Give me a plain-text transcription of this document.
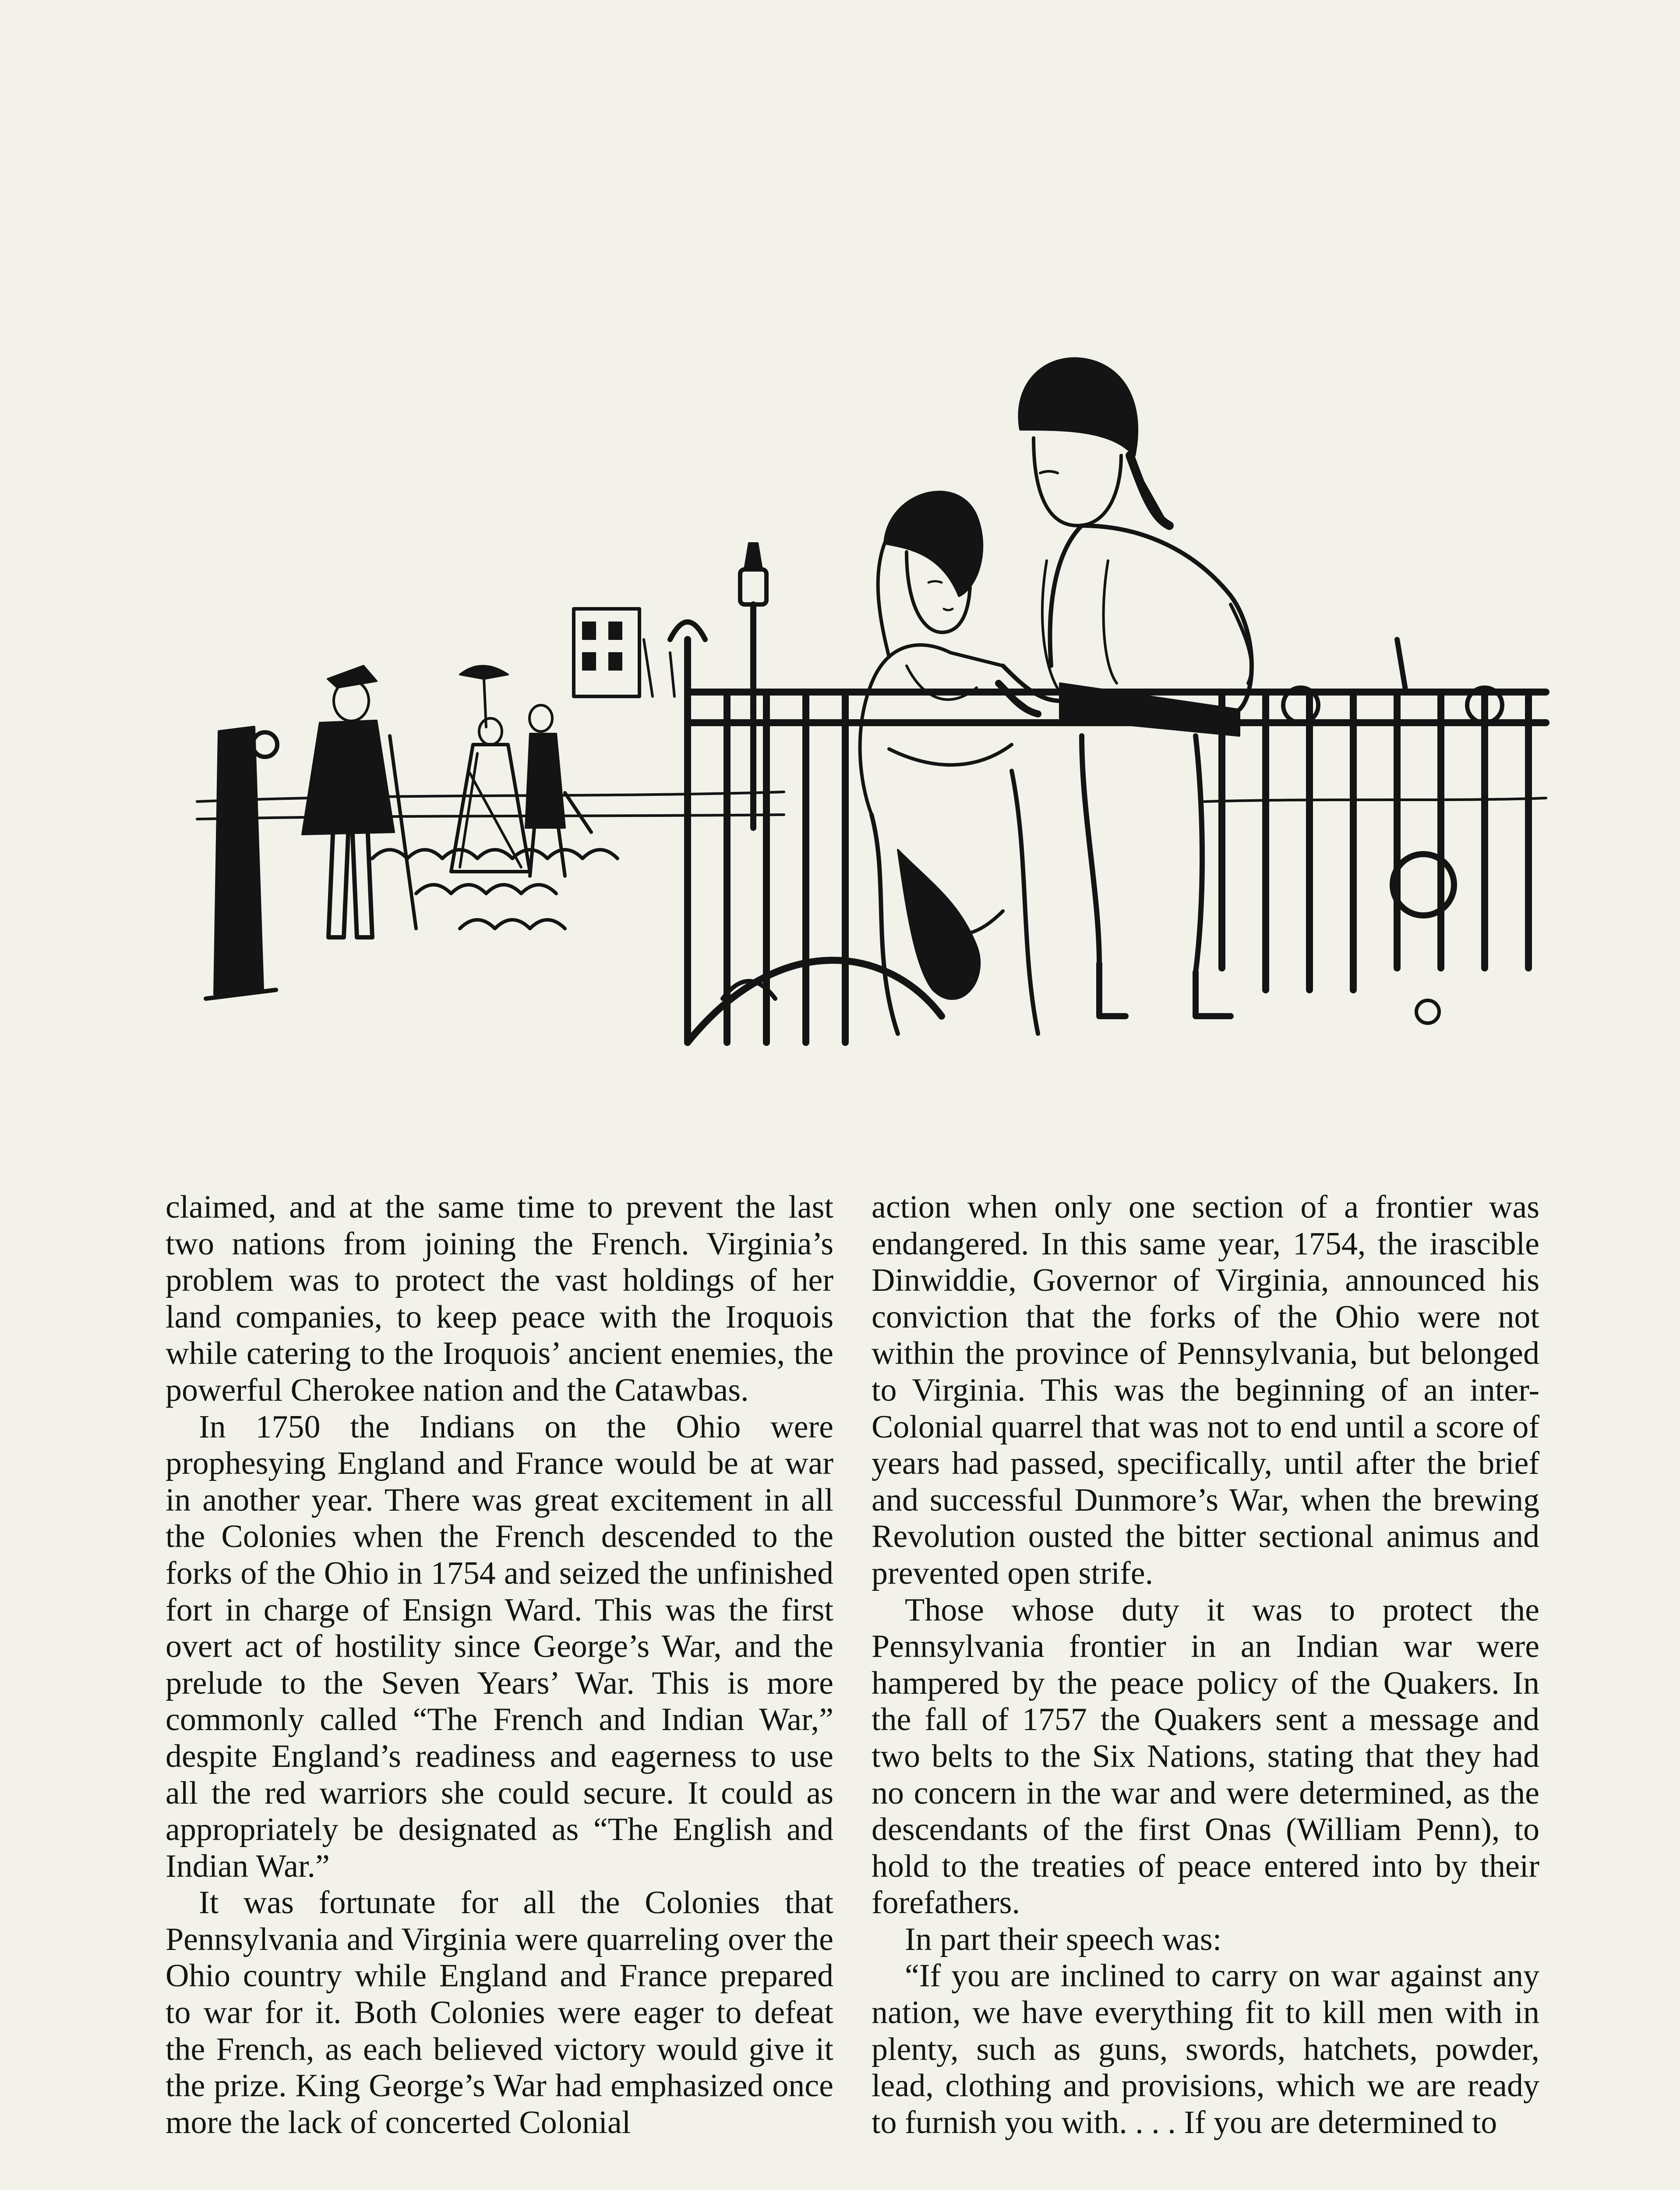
claimed, and at the same time to prevent the last two nations from joining the French. Virginia’s problem was to protect the vast holdings of her land companies, to keep peace with the Iroquois while catering to the Iroquois’ ancient enemies, the powerful Cherokee nation and the Catawbas.

In 1750 the Indians on the Ohio were prophesying England and France would be at war in another year. There was great excitement in all the Colonies when the French descended to the forks of the Ohio in 1754 and seized the unfinished fort in charge of Ensign Ward. This was the first overt act of hostility since George’s War, and the prelude to the Seven Years’ War. This is more commonly called “The French and Indian War,” despite England’s readiness and eagerness to use all the red warriors she could secure. It could as appropriately be designated as “The English and Indian War.”

It was fortunate for all the Colonies that Pennsylvania and Virginia were quarreling over the Ohio country while England and France prepared to war for it. Both Colonies were eager to defeat the French, as each believed victory would give it the prize. King George’s War had emphasized once more the lack of concerted Colonial

action when only one section of a frontier was endangered. In this same year, 1754, the irascible Dinwiddie, Governor of Virginia, announced his conviction that the forks of the Ohio were not within the province of Pennsylvania, but belonged to Virginia. This was the beginning of an inter-Colonial quarrel that was not to end until a score of years had passed, specifically, until after the brief and successful Dunmore’s War, when the brewing Revolution ousted the bitter sectional animus and prevented open strife.

Those whose duty it was to protect the Pennsylvania frontier in an Indian war were hampered by the peace policy of the Quakers. In the fall of 1757 the Quakers sent a message and two belts to the Six Nations, stating that they had no concern in the war and were determined, as the descendants of the first Onas (William Penn), to hold to the treaties of peace entered into by their forefathers.

In part their speech was:

“If you are inclined to carry on war against any nation, we have everything fit to kill men with in plenty, such as guns, swords, hatchets, powder, lead, clothing and provisions, which we are ready to furnish you with. . . . If you are determined to
